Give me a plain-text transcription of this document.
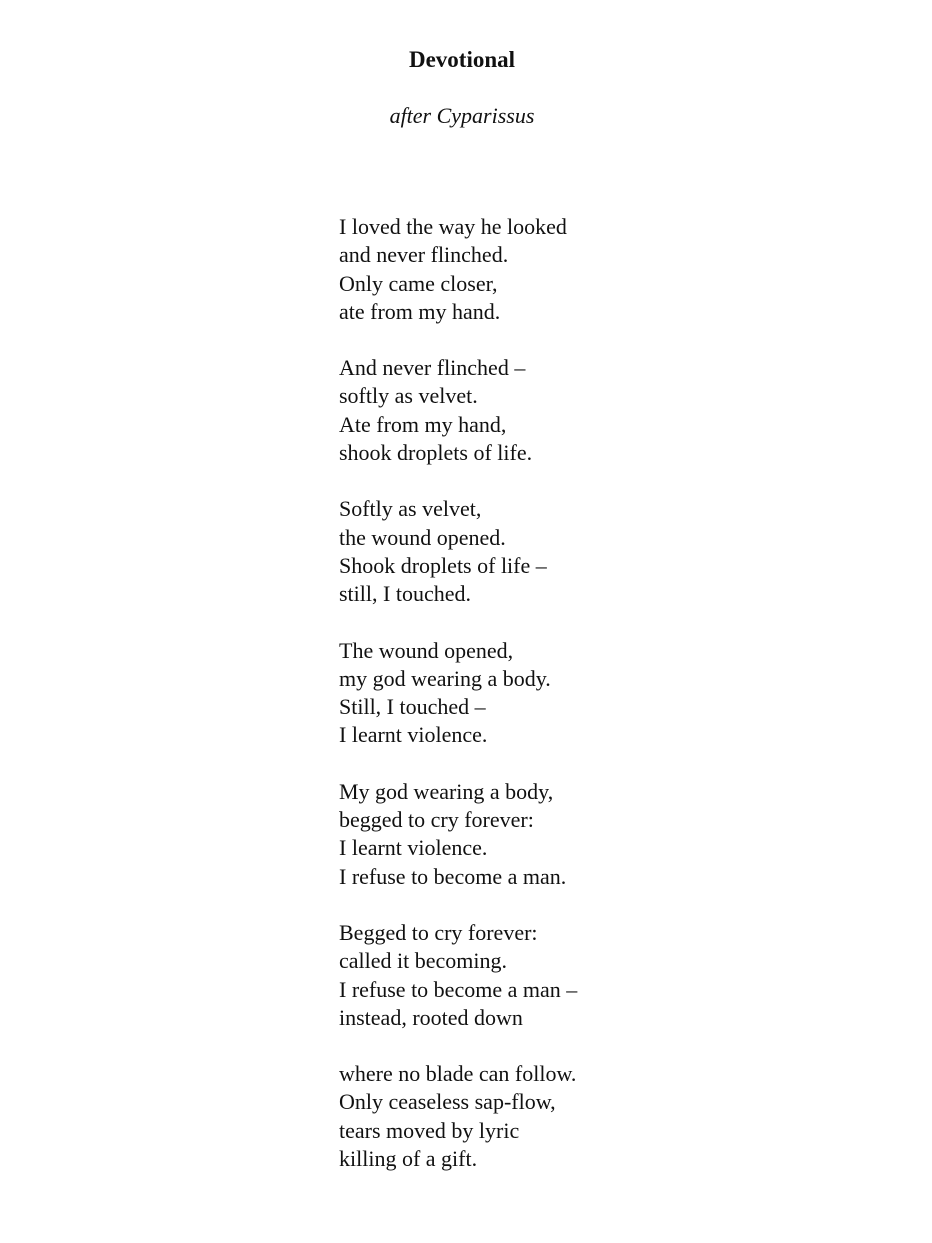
Devotional

after Cyparissus

I loved the way he looked
and never flinched.
Only came closer,
ate from my hand.
And never flinched –
softly as velvet.
Ate from my hand,
shook droplets of life.
Softly as velvet,
the wound opened.
Shook droplets of life –
still, I touched.
The wound opened,
my god wearing a body.
Still, I touched –
I learnt violence.
My god wearing a body,
begged to cry forever:
I learnt violence.
I refuse to become a man.
Begged to cry forever:
called it becoming.
I refuse to become a man –
instead, rooted down
where no blade can follow.
Only ceaseless sap-flow,
tears moved by lyric
killing of a gift.
